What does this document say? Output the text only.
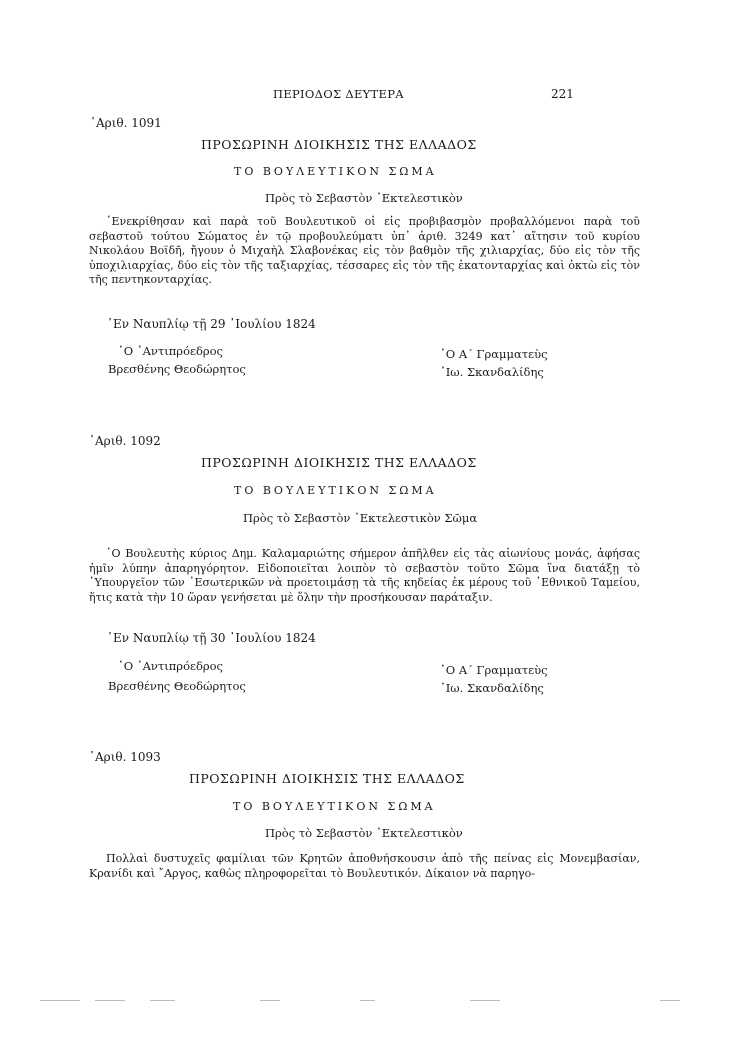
ΠΕΡΙΟΔΟΣ ΔΕΥΤΕΡΑ	221
᾿Αριθ. 1091
ΠΡΟΣΩΡΙΝΗ ΔΙΟΙΚΗΣΙΣ ΤΗΣ ΕΛΛΑΔΟΣ
ΤΟ ΒΟΥΛΕΥΤΙΚΟΝ ΣΩΜΑ
Πρὸς τὸ Σεβαστὸν ᾿Εκτελεστικὸν
᾿Ενεκρίθησαν καὶ παρὰ τοῦ Βουλευτικοῦ οἱ εἰς προβιβασμὸν προβαλλόμενοι παρὰ τοῦ σεβαστοῦ τούτου Σώματος ἐν τῷ προβουλεύματι ὑπ᾿ ἀριθ. 3249 κατ᾿ αἴτησιν τοῦ κυρίου Νικολάου Βοϊδῆ, ἤγουν ὁ Μιχαὴλ Σλαβονέκας εἰς τὸν βαθμὸν τῆς χιλιαρχίας, δύο εἰς τὸν τῆς ὑποχιλιαρχίας, δύο εἰς τὸν τῆς ταξιαρχίας, τέσσαρες εἰς τὸν τῆς ἑκατονταρχίας καὶ ὀκτὼ εἰς τὸν τῆς πεντηκονταρχίας.
᾿Εν Ναυπλίῳ τῇ 29 ᾿Ιουλίου 1824
῾Ο ᾿Αντιπρόεδρος
Βρεσθένης Θεοδώρητος
῾Ο Α΄ Γραμματεὺς
᾿Ιω. Σκανδαλίδης
᾿Αριθ. 1092
ΠΡΟΣΩΡΙΝΗ ΔΙΟΙΚΗΣΙΣ ΤΗΣ ΕΛΛΑΔΟΣ
ΤΟ ΒΟΥΛΕΥΤΙΚΟΝ ΣΩΜΑ
Πρὸς τὸ Σεβαστὸν ᾿Εκτελεστικὸν Σῶμα
῾Ο Βουλευτὴς κύριος Δημ. Καλαμαριώτης σήμερον ἀπῆλθεν εἰς τὰς αἰωνίους μονάς, ἀφήσας ἡμῖν λύπην ἀπαρηγόρητον. Εἰδοποιεῖται λοιπὸν τὸ σεβαστὸν τοῦτο Σῶμα ἵνα διατάξῃ τὸ ῾Υπουργεῖον τῶν ᾿Εσωτερικῶν νὰ προετοιμάσῃ τὰ τῆς κηδείας ἐκ μέρους τοῦ ᾿Εθνικοῦ Ταμείου, ἥτις κατὰ τὴν 10 ὥραν γενήσεται μὲ ὅλην τὴν προσήκουσαν παράταξιν.
᾿Εν Ναυπλίῳ τῇ 30 ᾿Ιουλίου 1824
῾Ο ᾿Αντιπρόεδρος
Βρεσθένης Θεοδώρητος
῾Ο Α΄ Γραμματεὺς
᾿Ιω. Σκανδαλίδης
᾿Αριθ. 1093
ΠΡΟΣΩΡΙΝΗ ΔΙΟΙΚΗΣΙΣ ΤΗΣ ΕΛΛΑΔΟΣ
ΤΟ ΒΟΥΛΕΥΤΙΚΟΝ ΣΩΜΑ
Πρὸς τὸ Σεβαστὸν ᾿Εκτελεστικὸν
Πολλαὶ δυστυχεῖς φαμίλιαι τῶν Κρητῶν ἀποθνήσκουσιν ἀπὸ τῆς πείνας εἰς Μονεμβασίαν, Κρανίδι καὶ ῎Αργος, καθὼς πληροφορεῖται τὸ Βουλευτικόν. Δίκαιον νὰ παρηγο-
